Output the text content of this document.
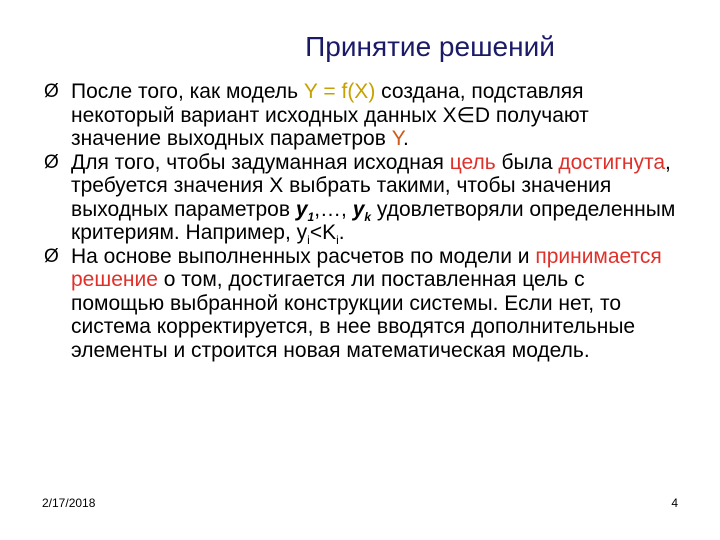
Принятие решений
Ø После того, как модель Y = f(X) создана, подставляя некоторый вариант исходных данных X∈D получают значение выходных параметров Y.
Ø Для того, чтобы задуманная исходная цель была достигнута, требуется значения X выбрать такими, чтобы значения выходных параметров $y_1,\dots$, $y_k$ удовлетворяли определенным критериям. Например, $y_i<K_i$.
Ø На основе выполненных расчетов по модели и принимается решение о том, достигается ли поставленная цель с помощью выбранной конструкции системы. Если нет, то система корректируется, в нее вводятся дополнительные элементы и строится новая математическая модель.
2/17/2018	4
